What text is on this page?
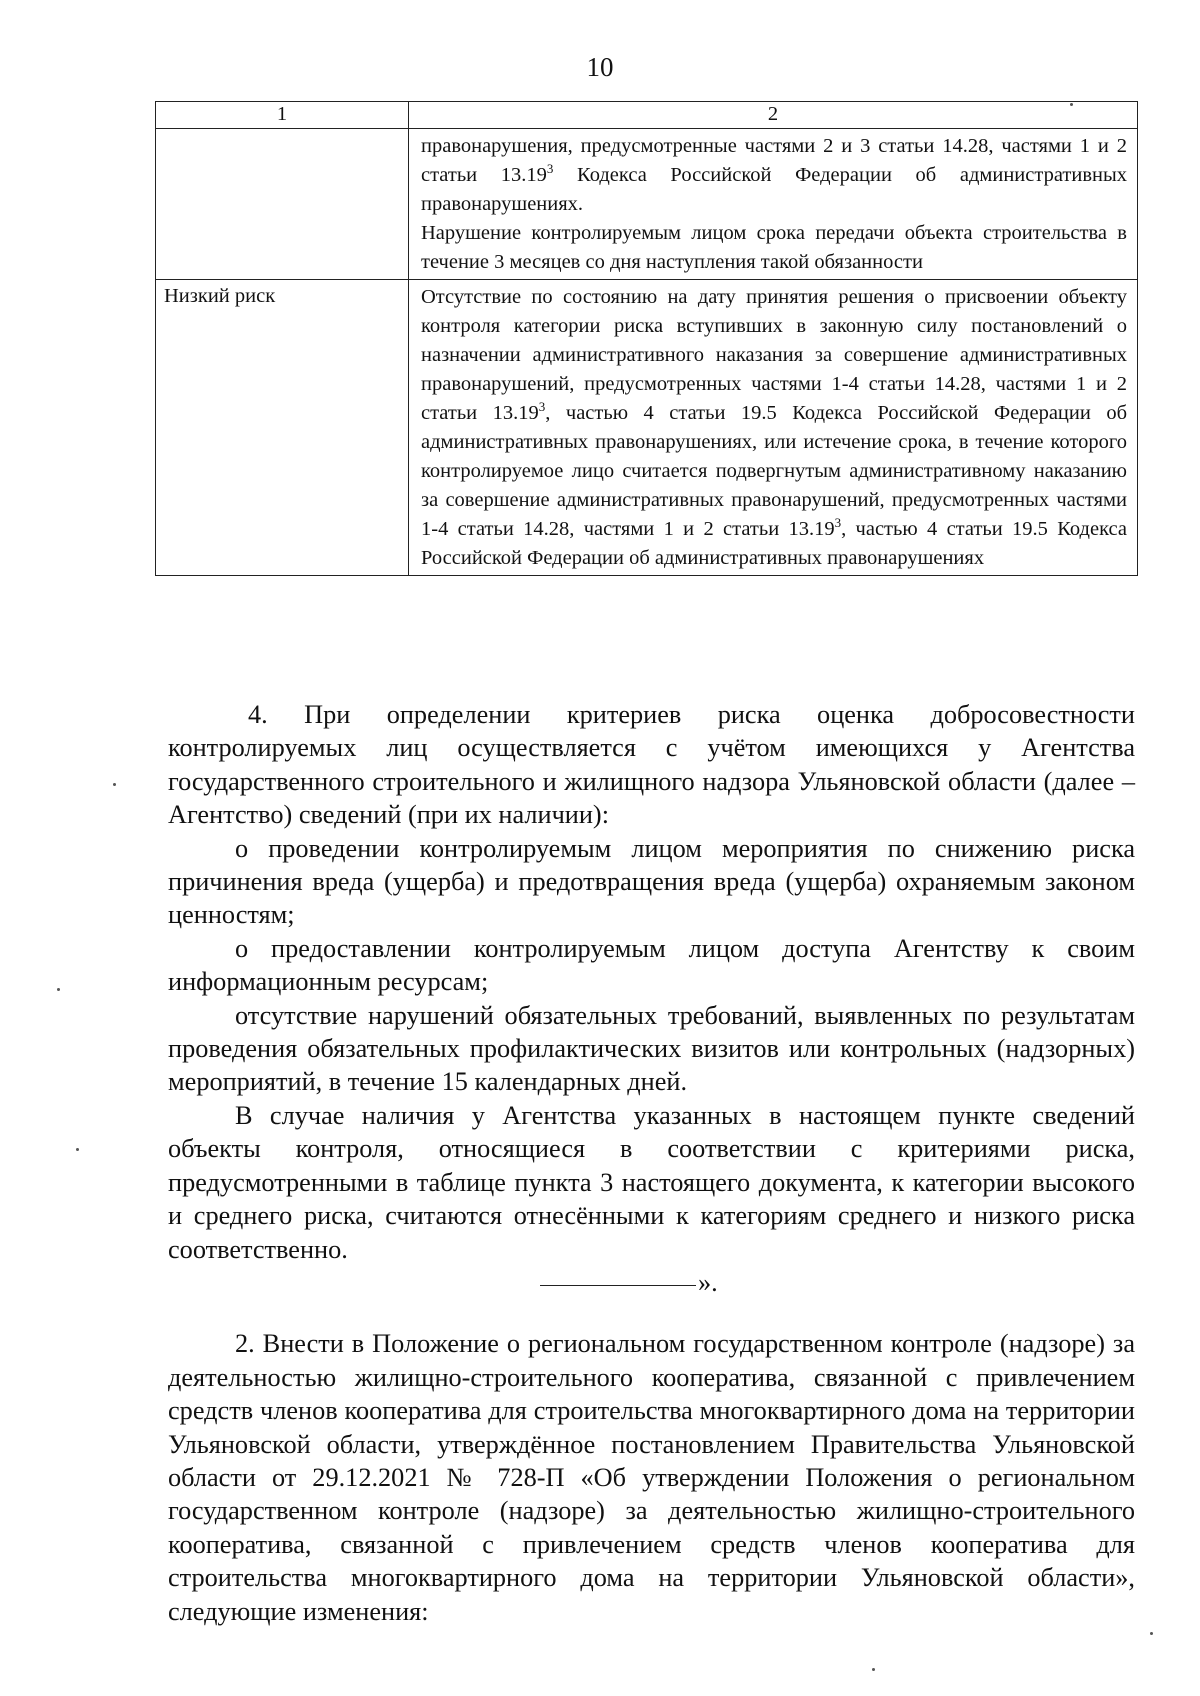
10
1	2

	правонарушения, предусмотренные частями 2 и 3 статьи 14.28, частями 1 и 2 статьи 13.19$^3$ Кодекса Российской Федерации об административных правонарушениях.

Нарушение контролируемым лицом срока передачи объекта строительства в течение 3 месяцев со дня наступления такой обязанности

Низкий риск	Отсутствие по состоянию на дату принятия решения о присвоении объекту контроля категории риска вступивших в законную силу постановлений о назначении административного наказания за совершение административных правонарушений, предусмотренных частями 1-4 статьи 14.28, частями 1 и 2 статьи 13.19$^3$, частью 4 статьи 19.5 Кодекса Российской Федерации об административных правонарушениях, или истечение срока, в течение которого контролируемое лицо считается подвергнутым административному наказанию за совершение административных правонарушений, предусмотренных частями 1-4 статьи 14.28, частями 1 и 2 статьи 13.19$^3$, частью 4 статьи 19.5 Кодекса Российской Федерации об административных правонарушениях

4. При определении критериев риска оценка добросовестности контролируемых лиц осуществляется с учётом имеющихся у Агентства государственного строительного и жилищного надзора Ульяновской области (далее – Агентство) сведений (при их наличии):

о проведении контролируемым лицом мероприятия по снижению риска причинения вреда (ущерба) и предотвращения вреда (ущерба) охраняемым законом ценностям;

о предоставлении контролируемым лицом доступа Агентству к своим информационным ресурсам;

отсутствие нарушений обязательных требований, выявленных по результатам проведения обязательных профилактических визитов или контрольных (надзорных) мероприятий, в течение 15 календарных дней.

В случае наличия у Агентства указанных в настоящем пункте сведений объекты контроля, относящиеся в соответствии с критериями риска, предусмотренными в таблице пункта 3 настоящего документа, к категории высокого и среднего риска, считаются отнесёнными к категориям среднего и низкого риска соответственно.

».

2. Внести в Положение о региональном государственном контроле (надзоре) за деятельностью жилищно-строительного кооператива, связанной с привлечением средств членов кооператива для строительства многоквартирного дома на территории Ульяновской области, утверждённое постановлением Правительства Ульяновской области от 29.12.2021 № 728-П «Об утверждении Положения о региональном государственном контроле (надзоре) за деятельностью жилищно-строительного кооператива, связанной с привлечением средств членов кооператива для строительства многоквартирного дома на территории Ульяновской области», следующие изменения:
